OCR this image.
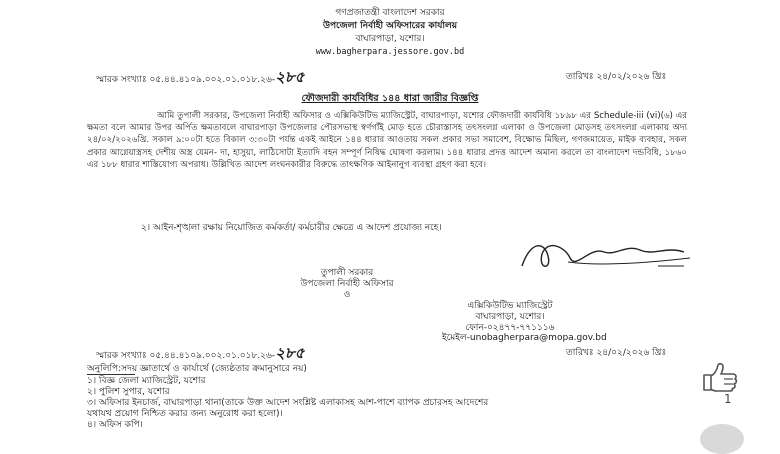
গণপ্রজাতন্ত্রী বাংলাদেশ সরকার
উপজেলা নির্বাহী অফিসারের কার্যালয়
বাঘারপাড়া, যশোর।
www.bagherpara.jessore.gov.bd
স্মারক সংখ্যাঃ ০৫.৪৪.৪১০৯.০০২.০১.০১৮.২৬-২৮৫	তারিখঃ ২৪/০২/২০২৬ খ্রিঃ
ফৌজদারী কার্যবিধির ১৪৪ ধারা জারীর বিজ্ঞপ্তি
আমি তুপালী সরকার, উপজেলা নির্বাহী অফিসার ও এক্সিকিউটিভ ম্যাজিস্ট্রেট, বাঘারপাড়া, যশোর ফৌজদারী কার্যবিধি ১৮৯৮ এর Schedule-iii (vi)(৬) এর ক্ষমতা বলে আমার উপর অর্পিত ক্ষমতাবলে বাঘারপাড়া উপজেলার পৌরসভাস্থ স্বর্ণগাঁই মোড় হতে চৌরাস্তাসহ তৎসংলগ্ন এলাকা ও উপজেলা মোড়সহ তৎসংলগ্ন এলাকায় অদ্য ২৪/০২/২০২৬খ্রি. সকাল ৯:০০টা হতে বিকাল ৩:৩০টা পর্যন্ত একই আইনে ১৪৪ ধারার আওতায় সকল প্রকার সভা সমাবেশ, বিক্ষোভ মিছিল, গণজমায়েত, মাইক ব্যবহার, সকল প্রকার আগ্নেয়াস্ত্রসহ দেশীয় অস্ত্র যেমন- দা, হাসুয়া, লাঠিসোটা ইত্যাদি বহন সম্পূর্ণ নিষিদ্ধ ঘোষণা করলাম। ১৪৪ ধারার প্রদত্ত আদেশ অমান্য করলে তা বাংলাদেশ দন্ডবিধি, ১৮৬০ এর ১৮৮ ধারার শাস্তিযোগ্য অপরাধ। উল্লিখিত আদেশ লংঘনকারীর বিরুদ্ধে তাৎক্ষণিক আইনানুগ ব্যবস্থা গ্রহণ করা হবে।
২। আইন-শৃঙ্খলা রক্ষায় নিয়োজিত কর্মকর্তা/ কর্মচারীর ক্ষেত্রে এ আদেশ প্রযোজ্য নহে।
তুপালী সরকার
উপজেলা নির্বাহী অফিসার
ও
এক্সিকিউটিভ ম্যাজিস্ট্রেট
বাঘারপাড়া, যশোর।
ফোন-০২৪৭৭-৭৭১১১৬
ইমেইল-unobagherpara@mopa.gov.bd
স্মারক সংখ্যাঃ ০৫.৪৪.৪১০৯.০০২.০১.০১৮.২৬-২৮৫	তারিখঃ ২৪/০২/২০২৬ খ্রিঃ
অনুলিপি:সদয় জ্ঞাতার্থে ও কার্যার্থে (জ্যেষ্ঠতার ক্রমানুসারে নয়)
১। বিজ্ঞ জেলা ম্যাজিস্ট্রেট, যশোর
২। পুলিশ সুপার, যশোর
৩। অফিসার ইনচার্জ, বাঘারপাড়া থানা(তাকে উক্ত আদেশ সংশ্লিষ্ট এলাকাসহ আশ-পাশে ব্যাপক প্রচারসহ আদেশের
যথাযথ প্রয়োগ নিশ্চিত করার জন্য অনুরোধ করা হলো)।
৪। অফিস কপি।
1
